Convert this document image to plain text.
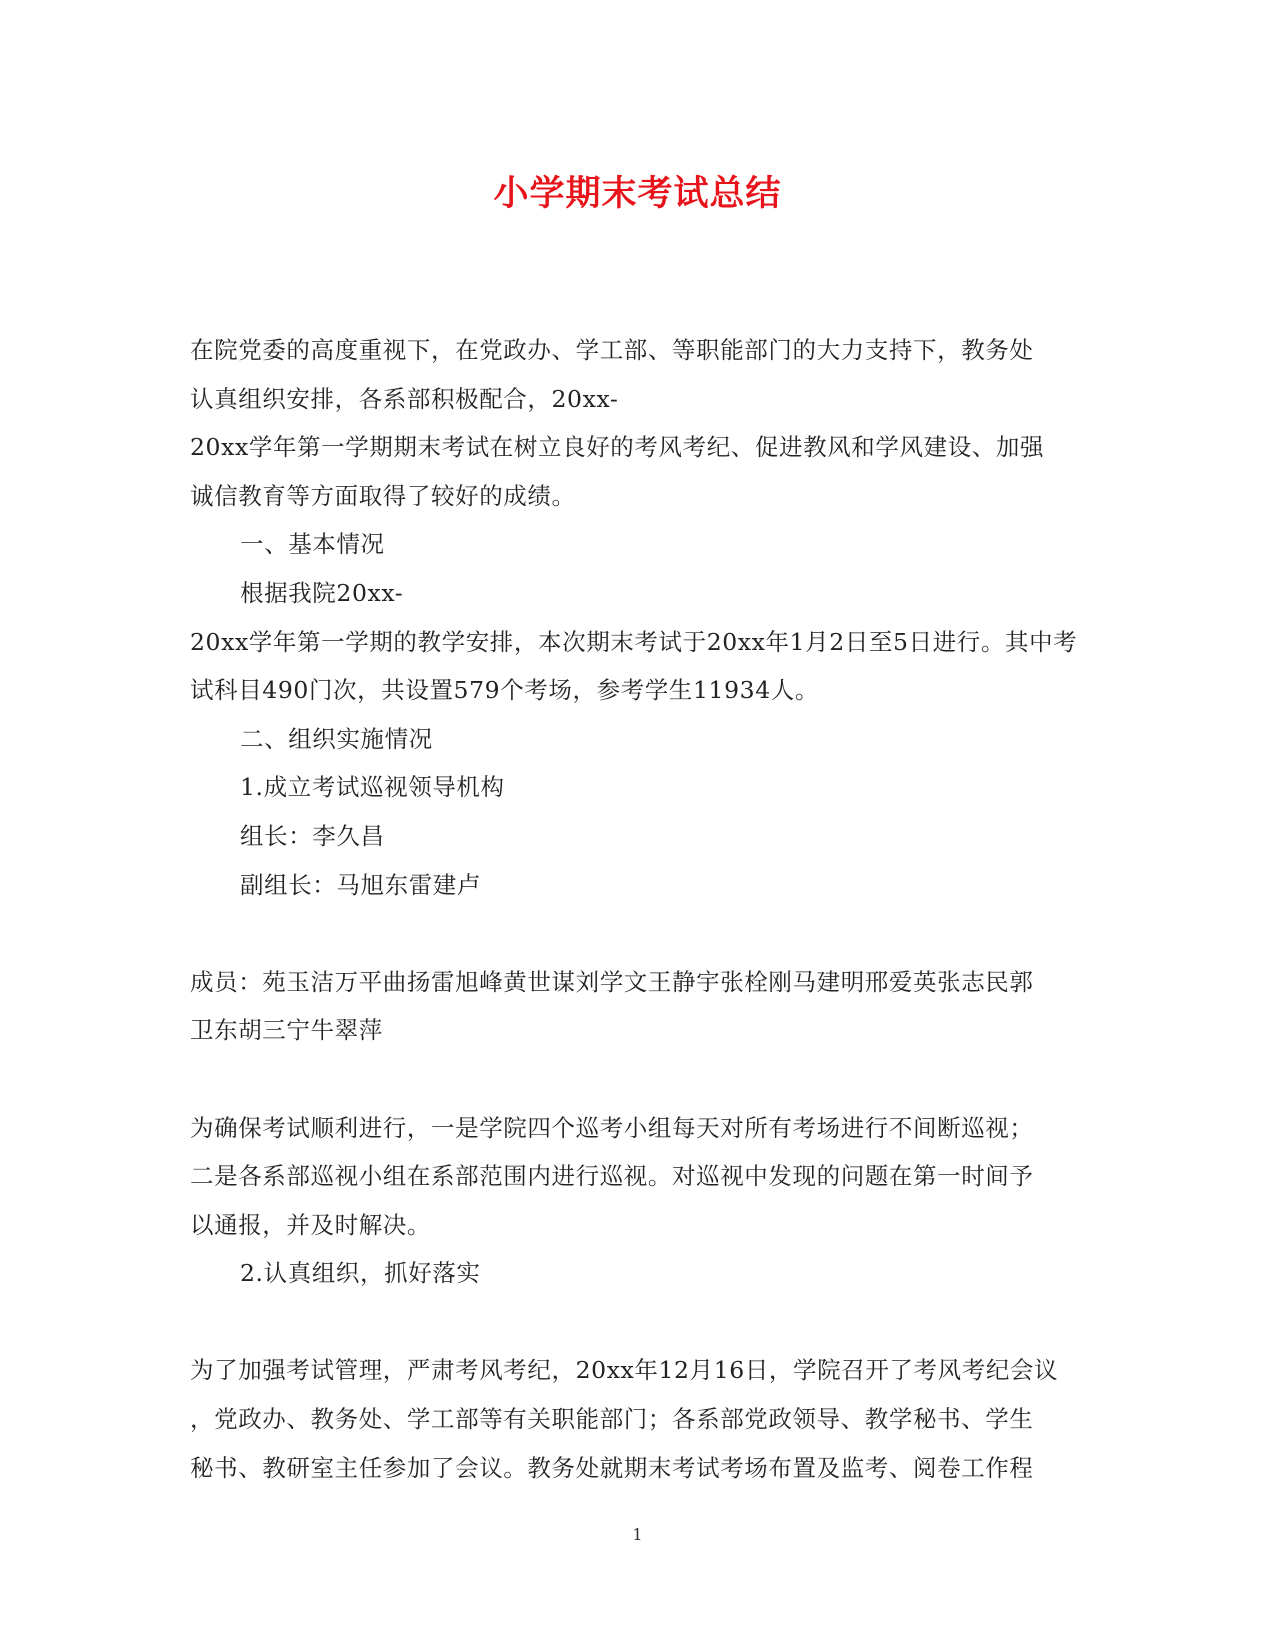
小学期末考试总结
在院党委的高度重视下，在党政办、学工部、等职能部门的大力支持下，教务处
认真组织安排，各系部积极配合，20xx-
20xx学年第一学期期末考试在树立良好的考风考纪、促进教风和学风建设、加强
诚信教育等方面取得了较好的成绩。
一、基本情况
根据我院20xx-
20xx学年第一学期的教学安排，本次期末考试于20xx年1月2日至5日进行。其中考
试科目490门次，共设置579个考场，参考学生11934人。
二、组织实施情况
1.成立考试巡视领导机构
组长：李久昌
副组长：马旭东雷建卢
成员：苑玉洁万平曲扬雷旭峰黄世谋刘学文王静宇张栓刚马建明邢爱英张志民郭
卫东胡三宁牛翠萍
为确保考试顺利进行，一是学院四个巡考小组每天对所有考场进行不间断巡视；
二是各系部巡视小组在系部范围内进行巡视。对巡视中发现的问题在第一时间予
以通报，并及时解决。
2.认真组织，抓好落实
为了加强考试管理，严肃考风考纪，20xx年12月16日，学院召开了考风考纪会议
，党政办、教务处、学工部等有关职能部门；各系部党政领导、教学秘书、学生
秘书、教研室主任参加了会议。教务处就期末考试考场布置及监考、阅卷工作程
1
